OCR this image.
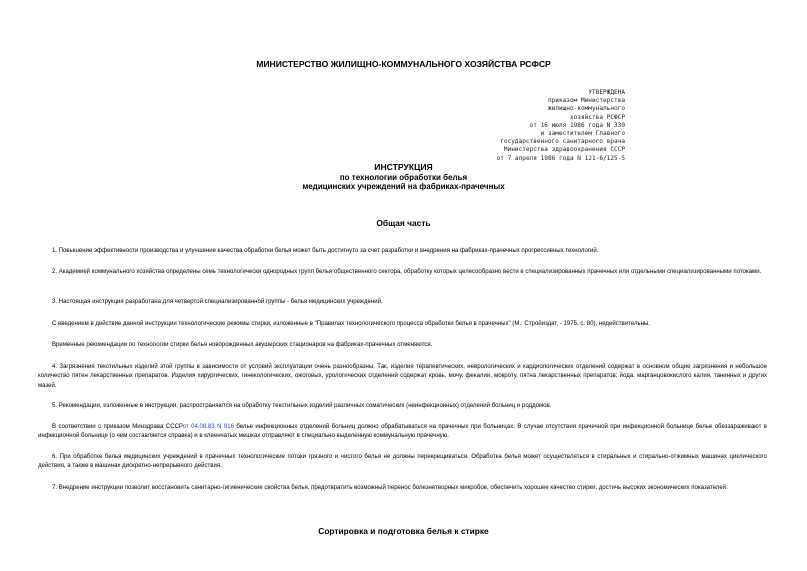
МИНИСТЕРСТВО ЖИЛИЩНО-КОММУНАЛЬНОГО ХОЗЯЙСТВА РСФСР
УТВЕРЖДЕНА
приказом Министерства
жилищно-коммунального
хозяйства РСФСР
от 16 июля 1986 года N 330
и заместителем Главного
государственного санитарного врача
Министерства здравоохранения СССР
от 7 апреля 1986 года N 121-6/125-5
ИНСТРУКЦИЯ
по технологии обработки белья
медицинских учреждений на фабриках-прачечных
Общая часть

1. Повышение эффективности производства и улучшение качества обработки белья может быть достигнуто за счет разработки и внедрения на фабриках-прачечных прогрессивных технологий.

2. Академией коммунального хозяйства определены семь технологически однородных групп белья общественного сектора, обработку которых целесообразно вести в специализированных прачечных или отдельными специализированными потоками.

3. Настоящая инструкция разработана для четвертой специализированной группы - белья медицинских учреждений.

С введением в действие данной инструкции технологические режимы стирки, изложенные в "Правилах технологического процесса обработки белья в прачечных" (М.: Стройиздат, - 1975, с. 80), недействительны.

Временные рекомендации по технологии стирки белья новорожденных акушерских стационаров на фабриках-прачечных отменяются.

4. Загрязнения текстильных изделий этой группы в зависимости от условий эксплуатации очень разнообразны. Так, изделия терапевтических, неврологических и кардиологических отделений содержат в основном общие загрязнения и небольшое количество пятен лекарственных препаратов. Изделия хирургических, гинекологических, ожоговых, урологических отделений содержат кровь, мочу, фекалии, мокроту, пятна лекарственных препаратов; йода, марганцовокислого калия, танинных и других мазей.

5. Рекомендации, изложенные в инструкции, распространяются на обработку текстильных изделий различных соматических (неинфекционных) отделений больниц и роддомов.

В соответствии с приказом Минздрава СССРот 04.08.83 N 916 белье инфекционных отделений больниц должно обрабатываться на прачечных при больницах. В случае отсутствия прачечной при инфекционной больнице белье обеззараживают в инфекционной больнице (о чем составляется справка) и в клеенчатых мешках отправляют в специально выделенную коммунальную прачечную.

6. При обработке белья медицинских учреждений в прачечных технологические потоки грязного и чистого белья не должны перекрещиваться. Обработка белья может осуществляться в стиральных и стирально-отжимных машинах циклического действия, а также в машинах дискретно-непрерывного действия.

7. Внедрение инструкции позволит восстановить санитарно-гигиенические свойства белья, предотвратить возможный перенос болезнетворных микробов, обеспечить хорошее качество стирки, достичь высоких экономических показателей.

Сортировка и подготовка белья к стирке
